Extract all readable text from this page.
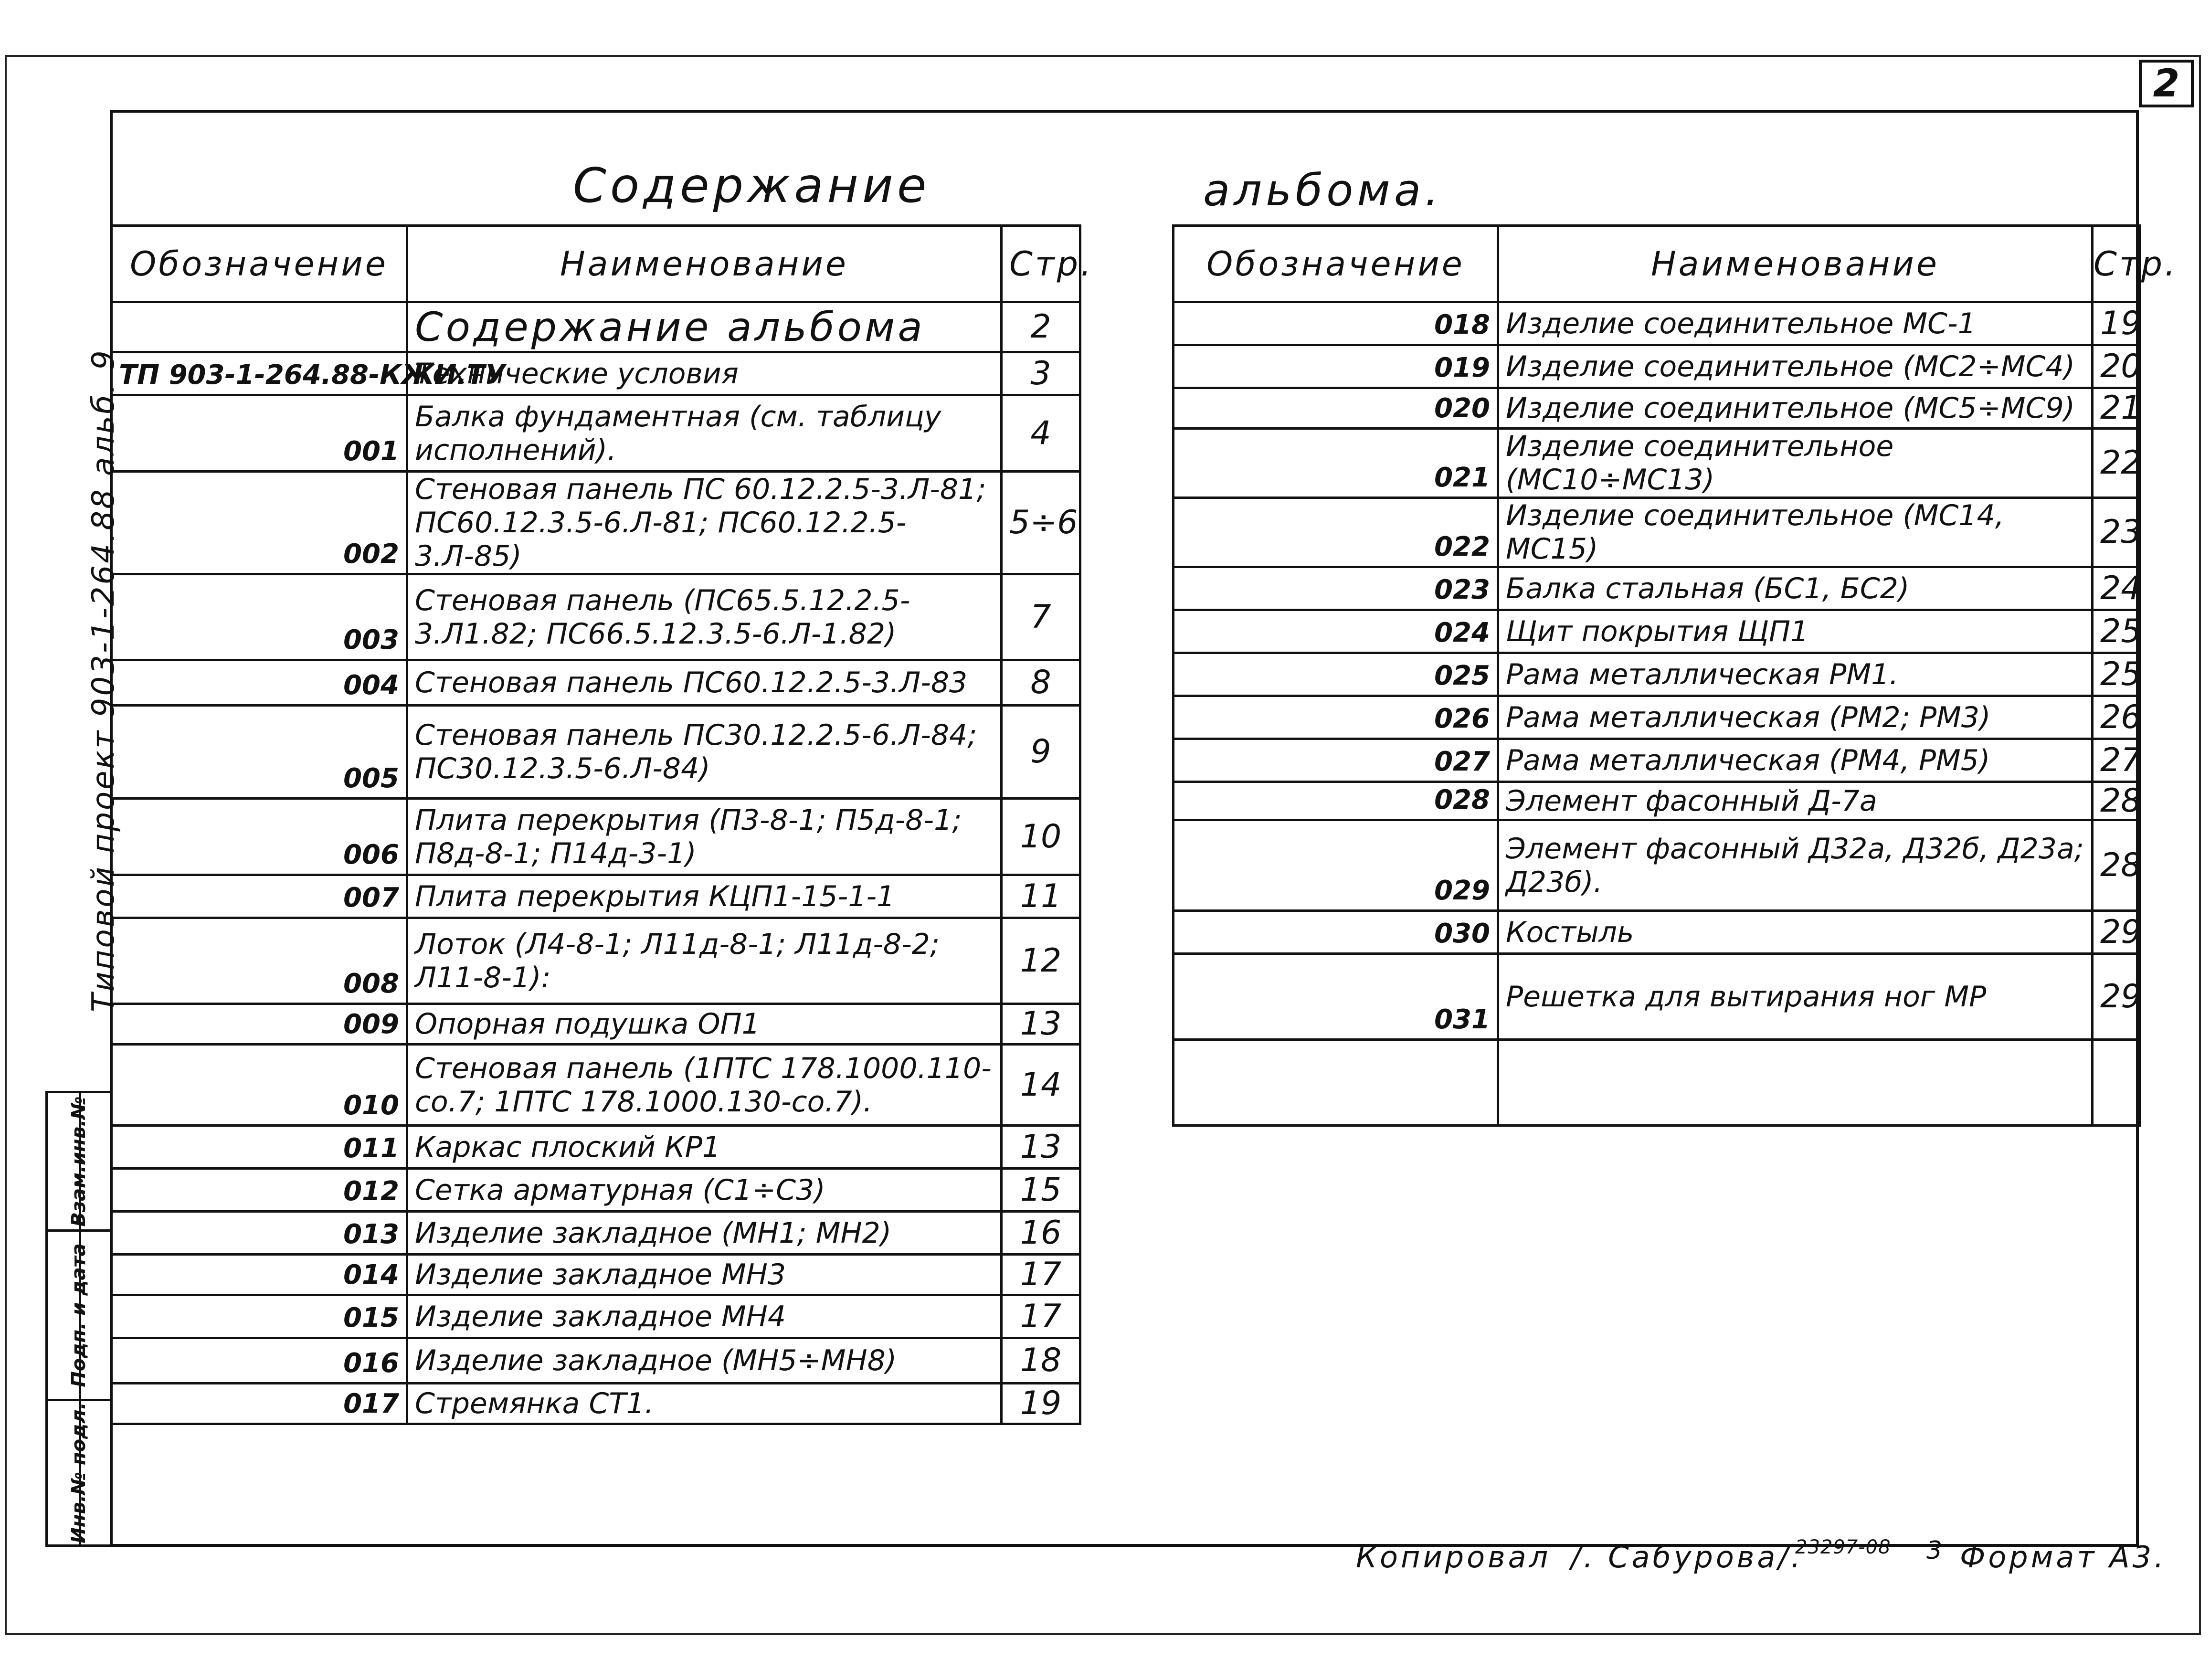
2
Типовой проект 903-1-264.88 альб. 9
Содержание	альбома.
Обозначение	Наименование	Стр.
	Содержание альбома	2
ТП 903-1-264.88-КЖИ.ТУ	Технические условия	3
001	Балка фундаментная (см. таблицу исполнений).	4
002	Стеновая панель ПС 60.12.2.5-3.Л-81; ПС60.12.3.5-6.Л-81; ПС60.12.2.5-3.Л-85)	5÷6
003	Стеновая панель (ПС65.5.12.2.5-3.Л1.82; ПС66.5.12.3.5-6.Л-1.82)	7
004	Стеновая панель ПС60.12.2.5-3.Л-83	8
005	Стеновая панель ПС30.12.2.5-6.Л-84; ПС30.12.3.5-6.Л-84)	9
006	Плита перекрытия (П3-8-1; П5д-8-1; П8д-8-1; П14д-3-1)	10
007	Плита перекрытия КЦП1-15-1-1	11
008	Лоток (Л4-8-1; Л11д-8-1; Л11д-8-2; Л11-8-1):	12
009	Опорная подушка ОП1	13
010	Стеновая панель (1ПТС 178.1000.110-со.7; 1ПТС 178.1000.130-со.7).	14
011	Каркас плоский КР1	13
012	Сетка арматурная (С1÷С3)	15
013	Изделие закладное (МН1; МН2)	16
014	Изделие закладное МН3	17
015	Изделие закладное МН4	17
016	Изделие закладное (МН5÷МН8)	18
017	Стремянка СТ1.	19
Обозначение	Наименование	Стр.
018	Изделие соединительное МС-1	19
019	Изделие соединительное (МС2÷МС4)	20
020	Изделие соединительное (МС5÷МС9)	21
021	Изделие соединительное (МС10÷МС13)	22
022	Изделие соединительное (МС14, МС15)	23
023	Балка стальная (БС1, БС2)	24
024	Щит покрытия ЩП1	25
025	Рама металлическая РМ1.	25
026	Рама металлическая (РМ2; РМ3)	26
027	Рама металлическая (РМ4, РМ5)	27
028	Элемент фасонный Д-7а	28
029	Элемент фасонный Д32а, Д32б, Д23а; Д23б).	28
030	Костыль	29
031	Решетка для вытирания ног МР	29

Взам.инв.№
Подп. и дата
Инв.№ подл.
Копировал /. Сабурова/.
23297-08 3 Формат А3.
